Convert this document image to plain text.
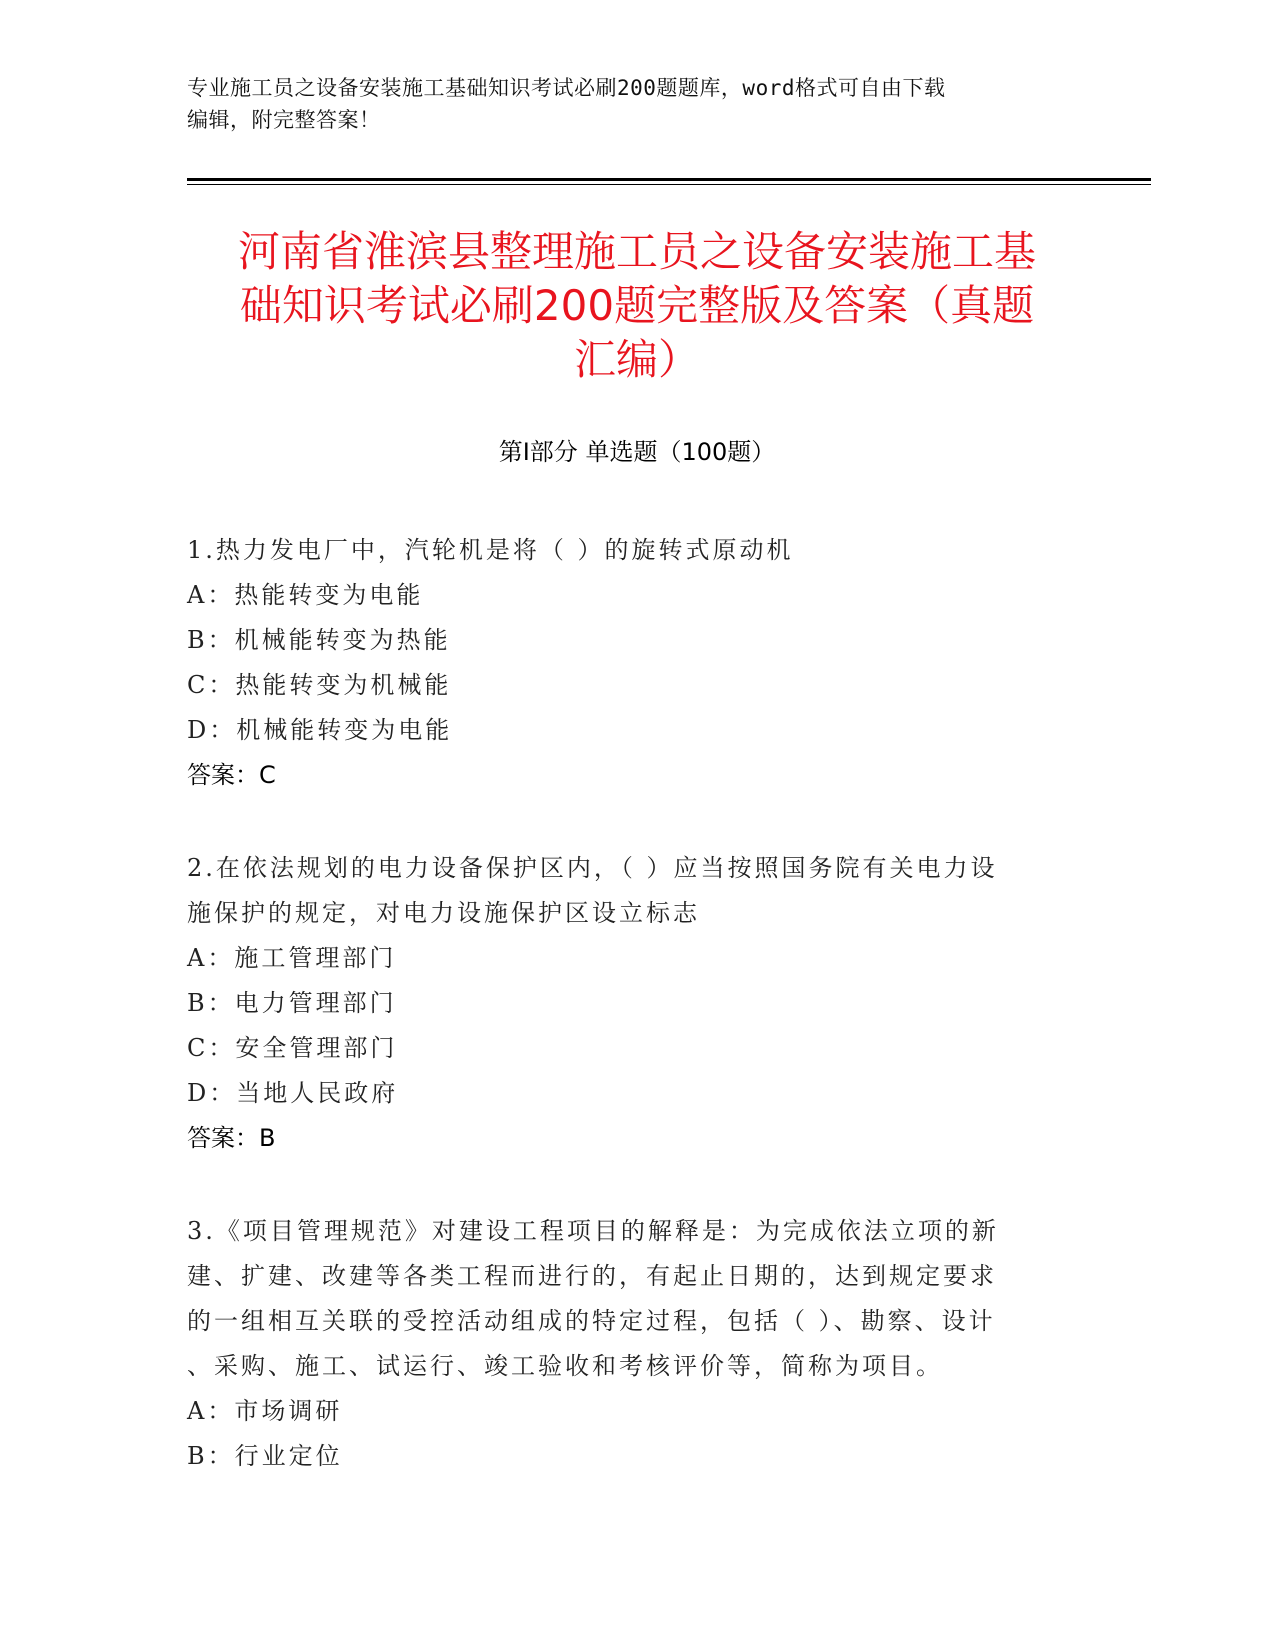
专业施工员之设备安装施工基础知识考试必刷200题题库，word格式可自由下载
编辑，附完整答案！
河南省淮滨县整理施工员之设备安装施工基
础知识考试必刷200题完整版及答案（真题
汇编）
第Ⅰ部分 单选题（100题）

1.热力发电厂中，汽轮机是将（ ）的旋转式原动机

A：热能转变为电能

B：机械能转变为热能

C：热能转变为机械能

D：机械能转变为电能

答案：C

2.在依法规划的电力设备保护区内，（ ）应当按照国务院有关电力设

施保护的规定，对电力设施保护区设立标志

A：施工管理部门

B：电力管理部门

C：安全管理部门

D：当地人民政府

答案：B

3.《项目管理规范》对建设工程项目的解释是：为完成依法立项的新

建、扩建、改建等各类工程而进行的，有起止日期的，达到规定要求

的一组相互关联的受控活动组成的特定过程，包括（ ）、勘察、设计

、采购、施工、试运行、竣工验收和考核评价等，简称为项目。

A：市场调研

B：行业定位
